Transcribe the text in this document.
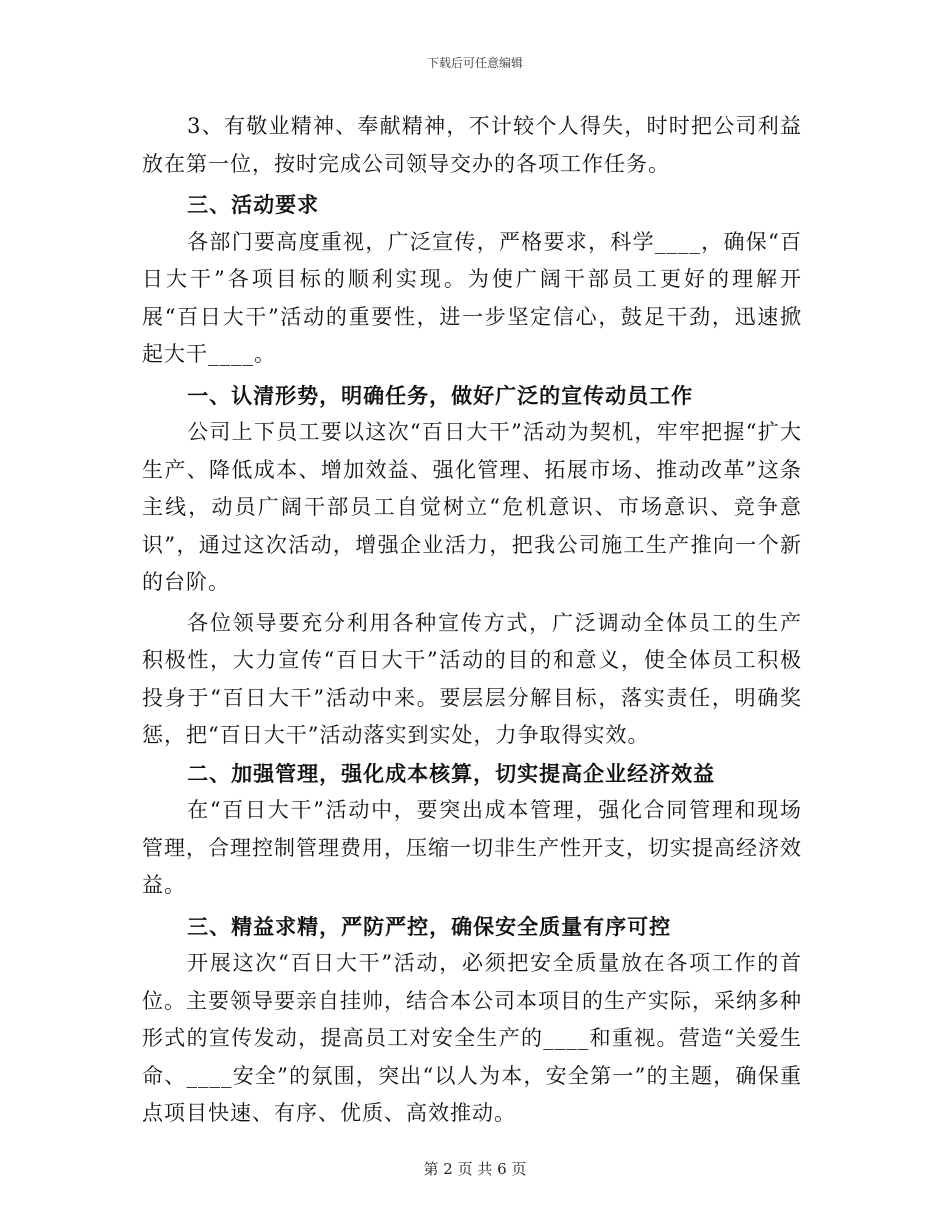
下载后可任意编辑

3、有敬业精神、奉献精神，不计较个人得失，时时把公司利益放在第一位，按时完成公司领导交办的各项工作任务。

三、活动要求

各部门要高度重视，广泛宣传，严格要求，科学____，确保“百日大干”各项目标的顺利实现。为使广阔干部员工更好的理解开展“百日大干”活动的重要性，进一步坚定信心，鼓足干劲，迅速掀起大干____。

一、认清形势，明确任务，做好广泛的宣传动员工作

公司上下员工要以这次“百日大干”活动为契机，牢牢把握“扩大生产、降低成本、增加效益、强化管理、拓展市场、推动改革”这条主线，动员广阔干部员工自觉树立“危机意识、市场意识、竞争意识”，通过这次活动，增强企业活力，把我公司施工生产推向一个新的台阶。

各位领导要充分利用各种宣传方式，广泛调动全体员工的生产积极性，大力宣传“百日大干”活动的目的和意义，使全体员工积极投身于“百日大干”活动中来。要层层分解目标，落实责任，明确奖惩，把“百日大干”活动落实到实处，力争取得实效。

二、加强管理，强化成本核算，切实提高企业经济效益

在“百日大干”活动中，要突出成本管理，强化合同管理和现场管理，合理控制管理费用，压缩一切非生产性开支，切实提高经济效益。

三、精益求精，严防严控，确保安全质量有序可控

开展这次“百日大干”活动，必须把安全质量放在各项工作的首位。主要领导要亲自挂帅，结合本公司本项目的生产实际，采纳多种形式的宣传发动，提高员工对安全生产的____和重视。营造“关爱生命、____安全”的氛围，突出“以人为本，安全第一”的主题，确保重点项目快速、有序、优质、高效推动。

第 2 页 共 6 页
